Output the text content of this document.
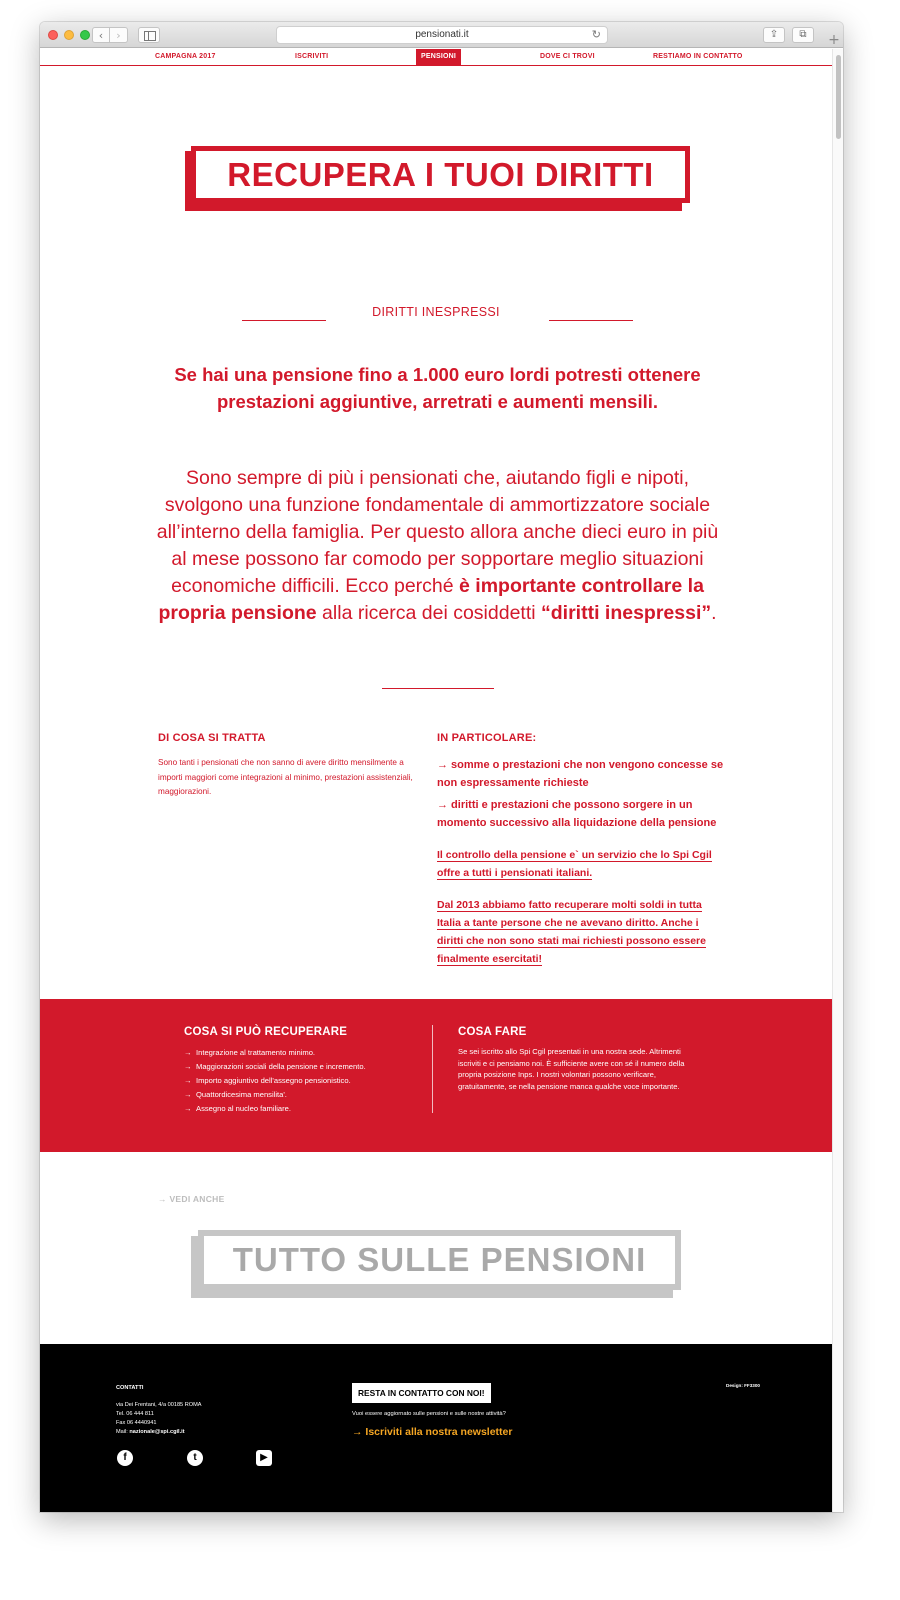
‹ ›	pensionati.it	↻	⇪	⧉	+
CAMPAGNA 2017	ISCRIVITI	PENSIONI	DOVE CI TROVI	RESTIAMO IN CONTATTO
RECUPERA I TUOI DIRITTI
DIRITTI INESPRESSI
Se hai una pensione fino a 1.000 euro lordi potresti ottenere prestazioni aggiuntive, arretrati e aumenti mensili.
Sono sempre di più i pensionati che, aiutando figli e nipoti, svolgono una funzione fondamentale di ammortizzatore sociale all’interno della famiglia. Per questo allora anche dieci euro in più al mese possono far comodo per sopportare meglio situazioni economiche difficili. Ecco perché è importante controllare la propria pensione alla ricerca dei cosiddetti “diritti inespressi”.
DI COSA SI TRATTA

Sono tanti i pensionati che non sanno di avere diritto mensilmente a importi maggiori come integrazioni al minimo, prestazioni assistenziali, maggiorazioni.

IN PARTICOLARE:
→ somme o prestazioni che non vengono concesse se non espressamente richieste
→ diritti e prestazioni che possono sorgere in un momento successivo alla liquidazione della pensione
Il controllo della pensione e` un servizio che lo Spi Cgil offre a tutti i pensionati italiani.
Dal 2013 abbiamo fatto recuperare molti soldi in tutta Italia a tante persone che ne avevano diritto. Anche i diritti che non sono stati mai richiesti possono essere finalmente esercitati!
COSA SI PUÒ RECUPERARE
→ Integrazione al trattamento minimo.
→ Maggiorazioni sociali della pensione e incremento.
→ Importo aggiuntivo dell'assegno pensionistico.
→ Quattordicesima mensilita'.
→ Assegno al nucleo familiare.
COSA FARE

Se sei iscritto allo Spi Cgil presentati in una nostra sede. Altrimenti iscriviti e ci pensiamo noi. È sufficiente avere con sé il numero della propria posizione Inps. I nostri volontari possono verificare, gratuitamente, se nella pensione manca qualche voce importante.

→ VEDI ANCHE
TUTTO SULLE PENSIONI
CONTATTI
via Dei Frentani, 4/a 00185 ROMA
Tel. 06 444 811
Fax 06 4440941
Mail: nazionale@spi.cgil.it
f	t	▶
RESTA IN CONTATTO CON NOI!
Vuoi essere aggiornato sulle pensioni e sulle nostre attività?
→ Iscriviti alla nostra newsletter
Design: FF3300
